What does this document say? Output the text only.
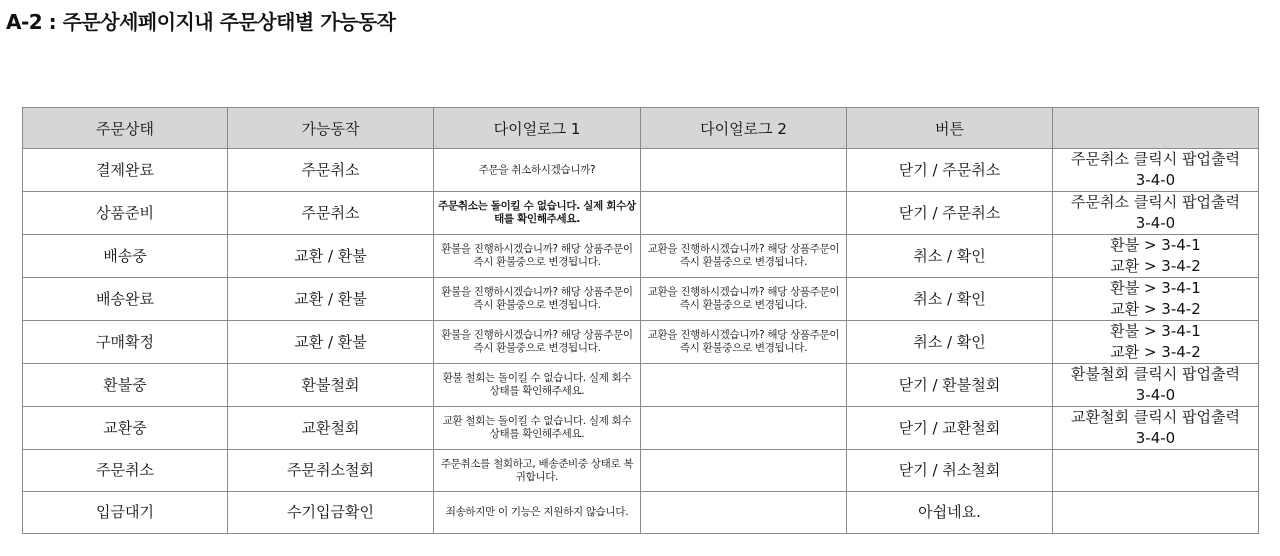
A-2 : 주문상세페이지내 주문상태별 가능동작
주문상태	가능동작	다이얼로그 1	다이얼로그 2	버튼	
결제완료	주문취소	주문을 취소하시겠습니까?		닫기 / 주문취소	주문취소 클릭시 팝업출력
3-4-0

상품준비	주문취소	주문취소는 돌이킬 수 없습니다. 실제 회수상태를 확인해주세요.		닫기 / 주문취소	주문취소 클릭시 팝업출력
3-4-0

배송중	교환 / 환불	환불을 진행하시겠습니까? 해당 상품주문이 즉시 환불중으로 변경됩니다.	교환을 진행하시겠습니까? 해당 상품주문이 즉시 환불중으로 변경됩니다.	취소 / 확인	환불 > 3-4-1
교환 > 3-4-2

배송완료	교환 / 환불	환불을 진행하시겠습니까? 해당 상품주문이 즉시 환불중으로 변경됩니다.	교환을 진행하시겠습니까? 해당 상품주문이 즉시 환불중으로 변경됩니다.	취소 / 확인	환불 > 3-4-1
교환 > 3-4-2

구매확정	교환 / 환불	환불을 진행하시겠습니까? 해당 상품주문이 즉시 환불중으로 변경됩니다.	교환을 진행하시겠습니까? 해당 상품주문이 즉시 환불중으로 변경됩니다.	취소 / 확인	환불 > 3-4-1
교환 > 3-4-2

환불중	환불철회	환불 철회는 돌이킬 수 없습니다. 실제 회수상태를 확인해주세요.		닫기 / 환불철회	환불철회 클릭시 팝업출력
3-4-0

교환중	교환철회	교환 철회는 돌이킬 수 없습니다. 실제 회수상태를 확인해주세요.		닫기 / 교환철회	교환철회 클릭시 팝업출력
3-4-0

주문취소	주문취소철회	주문취소를 철회하고, 배송준비중 상태로 복귀합니다.		닫기 / 취소철회	

입금대기	수기입금확인	죄송하지만 이 기능은 지원하지 않습니다.		아쉽네요.	
